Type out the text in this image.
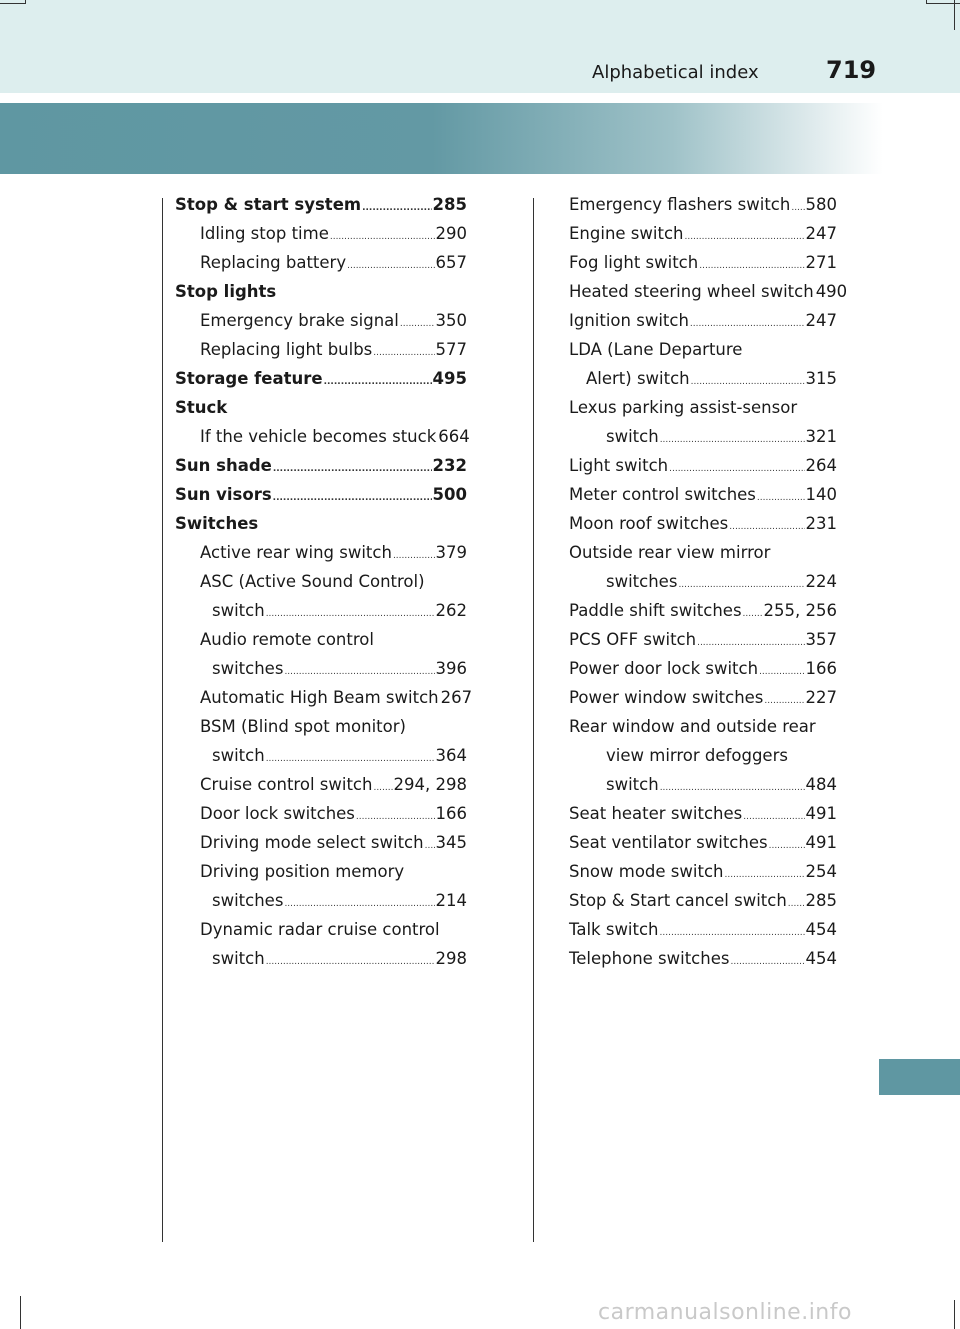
Alphabetical index	719
Stop & start system .....	285
Idling stop time .....	290
Replacing battery .....	657
Stop lights
Emergency brake signal ..... 350
Replacing light bulbs .....	577
Storage feature .....	495
Stuck
If the vehicle becomes stuck 664
Sun shade .....	232
Sun visors .....	500
Switches
Active rear wing switch .....	379
ASC (Active Sound Control)
switch .....	262
Audio remote control
switches .....	396
Automatic High Beam switch 267
BSM (Blind spot monitor)
switch .....	364
Cruise control switch ..... 294, 298
Door lock switches .....	166
Driving mode select switch ..... 345
Driving position memory
switches .....	214
Dynamic radar cruise control
switch .....	298
Emergency flashers switch ..... 580
Engine switch .....	247
Fog light switch .....	271
Heated steering wheel switch 490
Ignition switch .....	247
LDA (Lane Departure
Alert) switch .....	315
Lexus parking assist-sensor
switch .....	321
Light switch .....	264
Meter control switches .....	140
Moon roof switches .....	231
Outside rear view mirror
switches .....	224
Paddle shift switches ..... 255, 256
PCS OFF switch .....	357
Power door lock switch .....	166
Power window switches .....	227
Rear window and outside rear
view mirror defoggers
switch .....	484
Seat heater switches .....	491
Seat ventilator switches ..... 491
Snow mode switch .....	254
Stop & Start cancel switch ..... 285
Talk switch .....	454
Telephone switches .....	454
carmanualsonline.info
